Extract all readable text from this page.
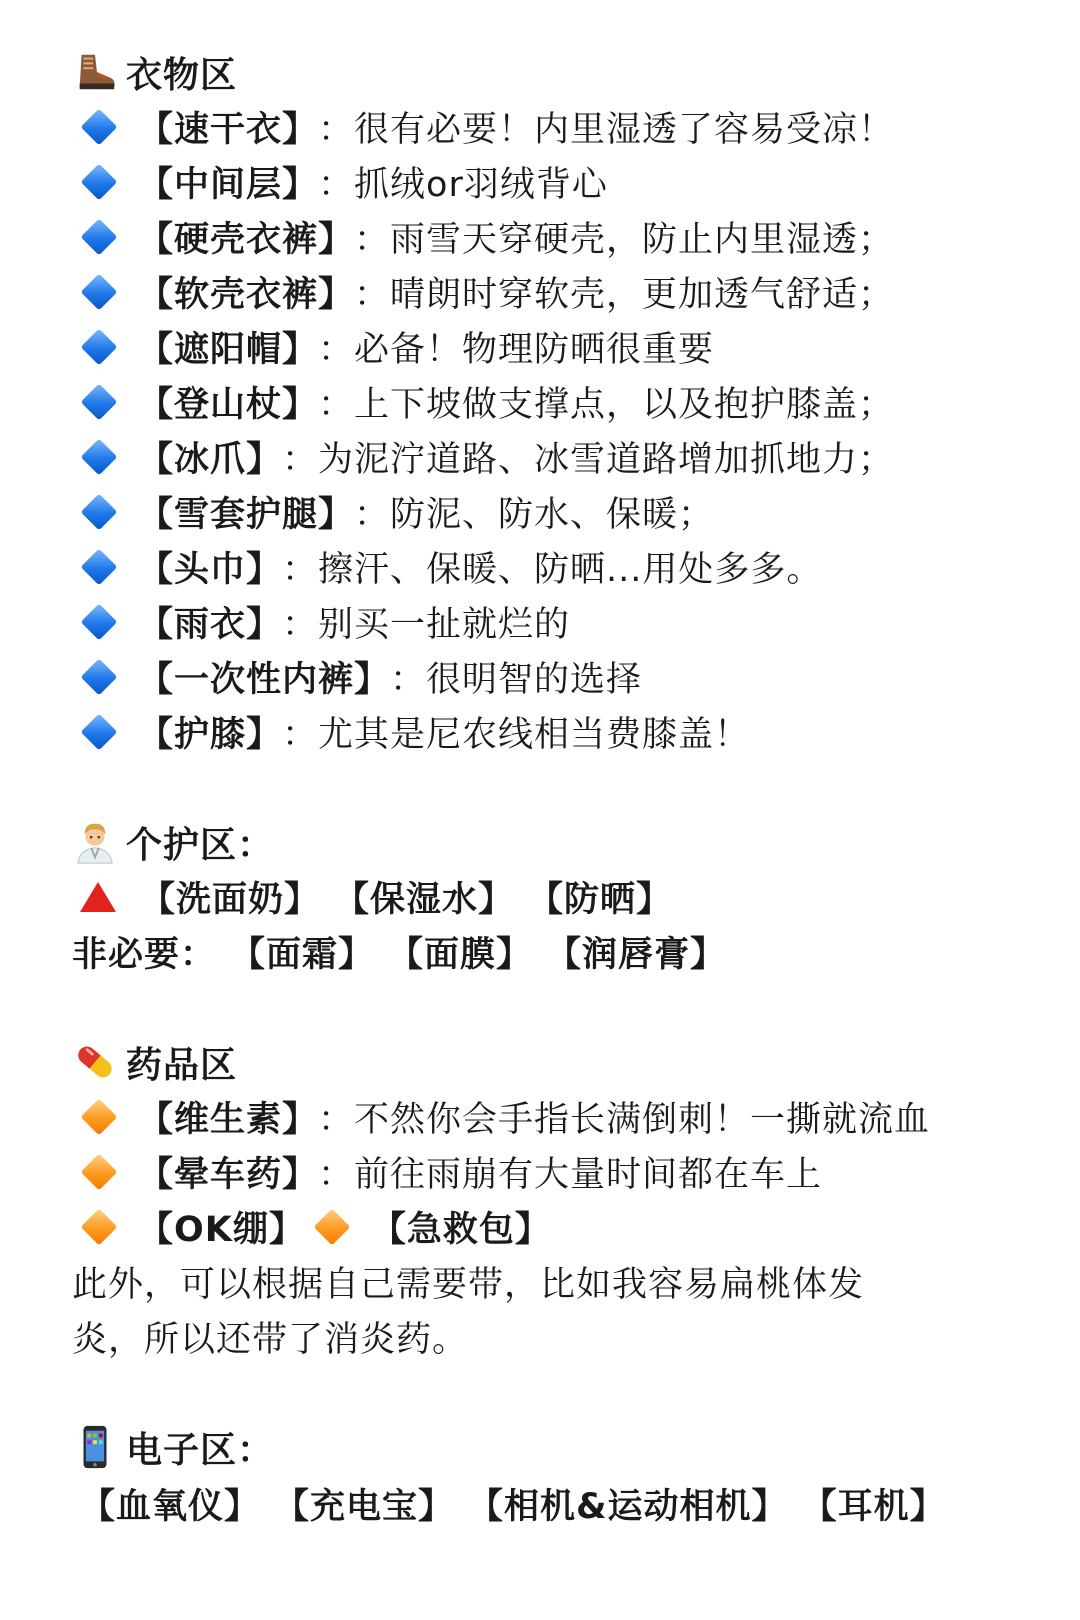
衣物区
【速干衣】 ： 很有必要！内里湿透了容易受凉！
【中间层】 ： 抓绒or羽绒背心
【硬壳衣裤】 ： 雨雪天穿硬壳，防止内里湿透；
【软壳衣裤】 ： 晴朗时穿软壳，更加透气舒适；
【遮阳帽】 ： 必备！物理防晒很重要
【登山杖】 ： 上下坡做支撑点，以及抱护膝盖；
【冰爪】 ： 为泥泞道路、冰雪道路增加抓地力；
【雪套护腿】 ： 防泥、防水、保暖；
【头巾】 ： 擦汗、保暖、防晒...用处多多。
【雨衣】 ： 别买一扯就烂的
【一次性内裤】 ： 很明智的选择
【护膝】 ： 尤其是尼农线相当费膝盖！
个护区：
【洗面奶】 【保湿水】 【防晒】
非必要： 【面霜】 【面膜】 【润唇膏】
药品区
【维生素】 ： 不然你会手指长满倒刺！一撕就流血
【晕车药】 ： 前往雨崩有大量时间都在车上
【OK绷】 【急救包】
此外，可以根据自己需要带，比如我容易扁桃体发
炎，所以还带了消炎药。
电子区：
【血氧仪】 【充电宝】 【相机&运动相机】 【耳机】
